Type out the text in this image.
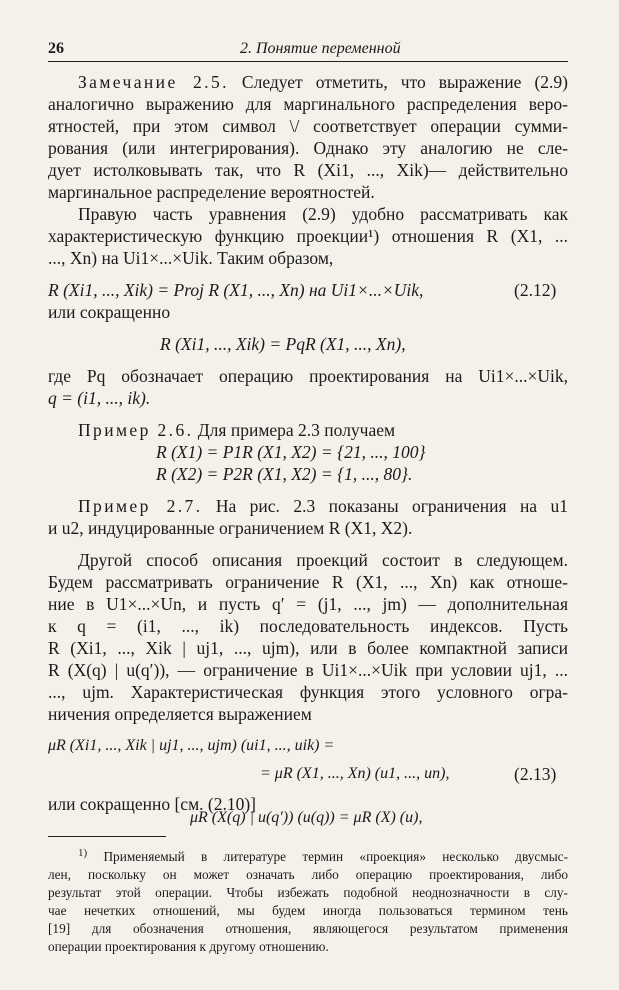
26	2. Понятие переменной
Замечание 2.5. Следует отметить, что выражение (2.9)
аналогично выражению для маргинального распределения веро-
ятностей, при этом символ \/ соответствует операции сумми-
рования (или интегрирования). Однако эту аналогию не сле-
дует истолковывать так, что R (Xi1, ..., Xik)— действительно
маргинальное распределение вероятностей.
Правую часть уравнения (2.9) удобно рассматривать как
характеристическую функцию проекции¹) отношения R (X1, ...
..., Xn) на Ui1×...×Uik. Таким образом,
R (Xi1, ..., Xik) = Proj R (X1, ..., Xn) на Ui1×...×Uik,	(2.12)
или сокращенно
R (Xi1, ..., Xik) = PqR (X1, ..., Xn),
где Pq обозначает операцию проектирования на Ui1×...×Uik,
q = (i1, ..., ik).
Пример 2.6. Для примера 2.3 получаем
R (X1) = P1R (X1, X2) = {21, ..., 100}
R (X2) = P2R (X1, X2) = {1, ..., 80}.
Пример 2.7. На рис. 2.3 показаны ограничения на u1
и u2, индуцированные ограничением R (X1, X2).
Другой способ описания проекций состоит в следующем.
Будем рассматривать ограничение R (X1, ..., Xn) как отноше-
ние в U1×...×Un, и пусть q′ = (j1, ..., jm) — дополнительная
к q = (i1, ..., ik) последовательность индексов. Пусть
R (Xi1, ..., Xik | uj1, ..., ujm), или в более компактной записи
R (X(q) | u(q′)), — ограничение в Ui1×...×Uik при условии uj1, ...
..., ujm. Характеристическая функция этого условного огра-
ничения определяется выражением
μR (Xi1, ..., Xik | uj1, ..., ujm) (ui1, ..., uik) =
= μR (X1, ..., Xn) (u1, ..., un),	(2.13)
или сокращенно [см. (2.10)]
μR (X(q) | u(q′)) (u(q)) = μR (X) (u),
$^{1)}$ Применяемый в литературе термин «проекция» несколько двусмыс-
лен, поскольку он может означать либо операцию проектирования, либо
результат этой операции. Чтобы избежать подобной неоднозначности в слу-
чае нечетких отношений, мы будем иногда пользоваться термином тень
[19] для обозначения отношения, являющегося результатом применения
операции проектирования к другому отношению.
